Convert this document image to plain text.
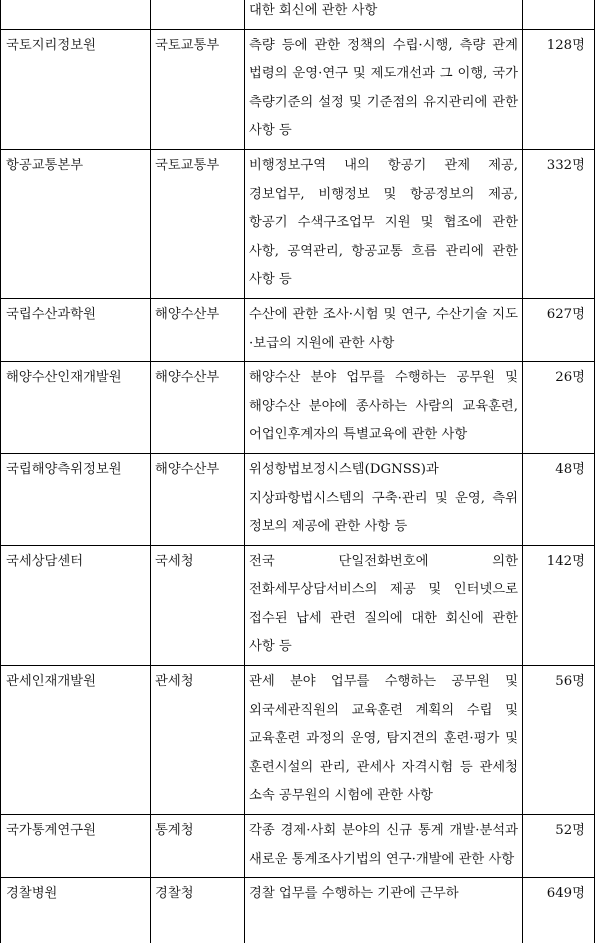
		대한 회신에 관한 사항	
국토지리정보원	국토교통부	측량 등에 관한 정책의 수립·시행, 측량 관계 법령의 운영·연구 및 제도개선과 그 이행, 국가 측량기준의 설정 및 기준점의 유지관리에 관한 사항 등	128명
항공교통본부	국토교통부	비행정보구역 내의 항공기 관제 제공, 경보업무, 비행정보 및 항공정보의 제공, 항공기 수색구조업무 지원 및 협조에 관한 사항, 공역관리, 항공교통 흐름 관리에 관한 사항 등	332명
국립수산과학원	해양수산부	수산에 관한 조사·시험 및 연구, 수산기술 지도·보급의 지원에 관한 사항	627명
해양수산인재개발원	해양수산부	해양수산 분야 업무를 수행하는 공무원 및 해양수산 분야에 종사하는 사람의 교육훈련, 어업인후계자의 특별교육에 관한 사항	26명
국립해양측위정보원	해양수산부	위성항법보정시스템(DGNSS)과 지상파항법시스템의 구축·관리 및 운영, 측위 정보의 제공에 관한 사항 등	48명
국세상담센터	국세청	전국 단일전화번호에 의한 전화세무상담서비스의 제공 및 인터넷으로 접수된 납세 관련 질의에 대한 회신에 관한 사항 등	142명
관세인재개발원	관세청	관세 분야 업무를 수행하는 공무원 및 외국세관직원의 교육훈련 계획의 수립 및 교육훈련 과정의 운영, 탐지견의 훈련·평가 및 훈련시설의 관리, 관세사 자격시험 등 관세청 소속 공무원의 시험에 관한 사항	56명
국가통계연구원	통계청	각종 경제·사회 분야의 신규 통계 개발·분석과 새로운 통계조사기법의 연구·개발에 관한 사항	52명
경찰병원	경찰청	경찰 업무를 수행하는 기관에 근무하	649명
